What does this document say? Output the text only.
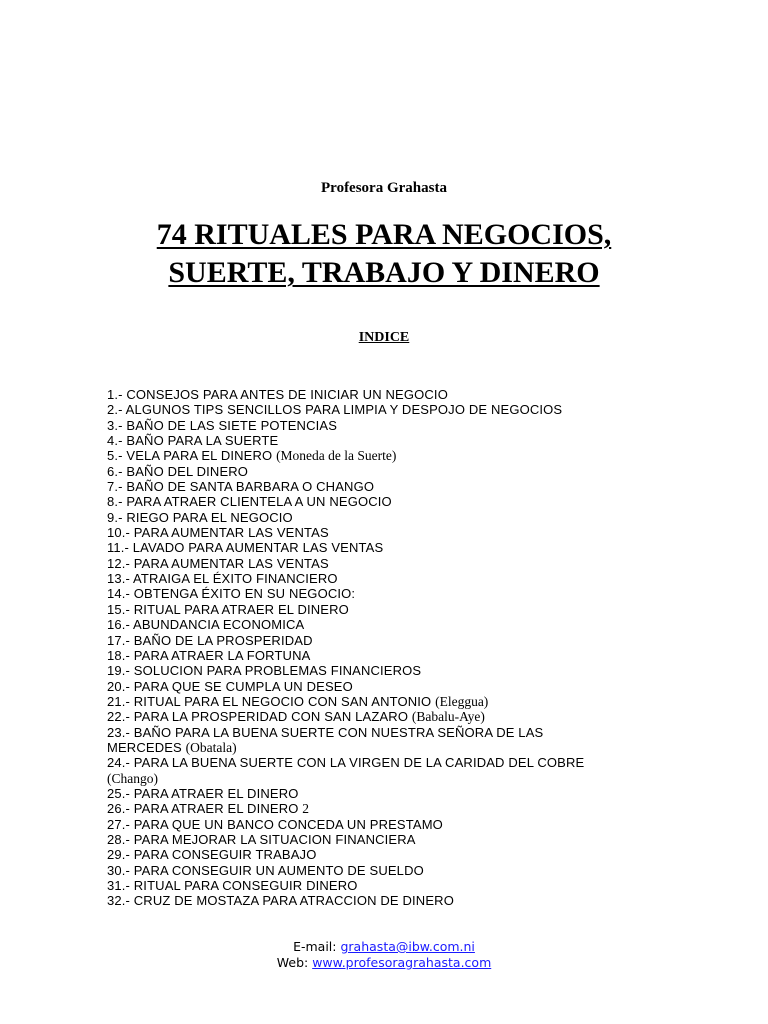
Profesora Grahasta
74 RITUALES PARA NEGOCIOS,
SUERTE, TRABAJO Y DINERO
INDICE
1.- CONSEJOS PARA ANTES DE INICIAR UN NEGOCIO
2.- ALGUNOS TIPS SENCILLOS PARA LIMPIA Y DESPOJO DE NEGOCIOS
3.- BAÑO DE LAS SIETE POTENCIAS
4.- BAÑO PARA LA SUERTE
5.- VELA PARA EL DINERO (Moneda de la Suerte)
6.- BAÑO DEL DINERO
7.- BAÑO DE SANTA BARBARA O CHANGO
8.- PARA ATRAER CLIENTELA A UN NEGOCIO
9.- RIEGO PARA EL NEGOCIO
10.- PARA AUMENTAR LAS VENTAS
11.- LAVADO PARA AUMENTAR LAS VENTAS
12.- PARA AUMENTAR LAS VENTAS
13.- ATRAIGA EL ÉXITO FINANCIERO
14.- OBTENGA ÉXITO EN SU NEGOCIO:
15.- RITUAL PARA ATRAER EL DINERO
16.- ABUNDANCIA ECONOMICA
17.- BAÑO DE LA PROSPERIDAD
18.- PARA ATRAER LA FORTUNA
19.- SOLUCION PARA PROBLEMAS FINANCIEROS
20.- PARA QUE SE CUMPLA UN DESEO
21.- RITUAL PARA EL NEGOCIO CON SAN ANTONIO (Eleggua)
22.- PARA LA PROSPERIDAD CON SAN LAZARO (Babalu-Aye)
23.- BAÑO PARA LA BUENA SUERTE CON NUESTRA SEÑORA DE LAS
MERCEDES (Obatala)
24.- PARA LA BUENA SUERTE CON LA VIRGEN DE LA CARIDAD DEL COBRE
(Chango)
25.- PARA ATRAER EL DINERO
26.- PARA ATRAER EL DINERO 2
27.- PARA QUE UN BANCO CONCEDA UN PRESTAMO
28.- PARA MEJORAR LA SITUACION FINANCIERA
29.- PARA CONSEGUIR TRABAJO
30.- PARA CONSEGUIR UN AUMENTO DE SUELDO
31.- RITUAL PARA CONSEGUIR DINERO
32.- CRUZ DE MOSTAZA PARA ATRACCION DE DINERO
E-mail: grahasta@ibw.com.ni
Web: www.profesoragrahasta.com
